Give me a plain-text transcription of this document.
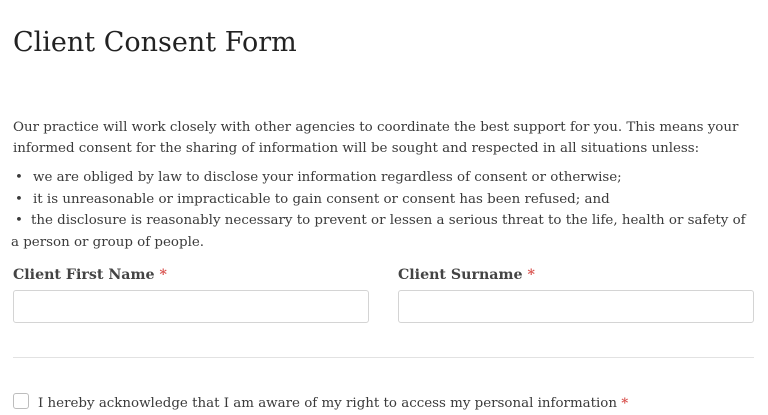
Client Consent Form

Our practice will work closely with other agencies to coordinate the best support for you. This means your informed consent for the sharing of information will be sought and respected in all situations unless:

• we are obliged by law to disclose your information regardless of consent or otherwise;
• it is unreasonable or impracticable to gain consent or consent has been refused; and
• the disclosure is reasonably necessary to prevent or lessen a serious threat to the life, health or safety of a person or group of people.
Client First Name *	Client Surname *
I hereby acknowledge that I am aware of my right to access my personal information *
